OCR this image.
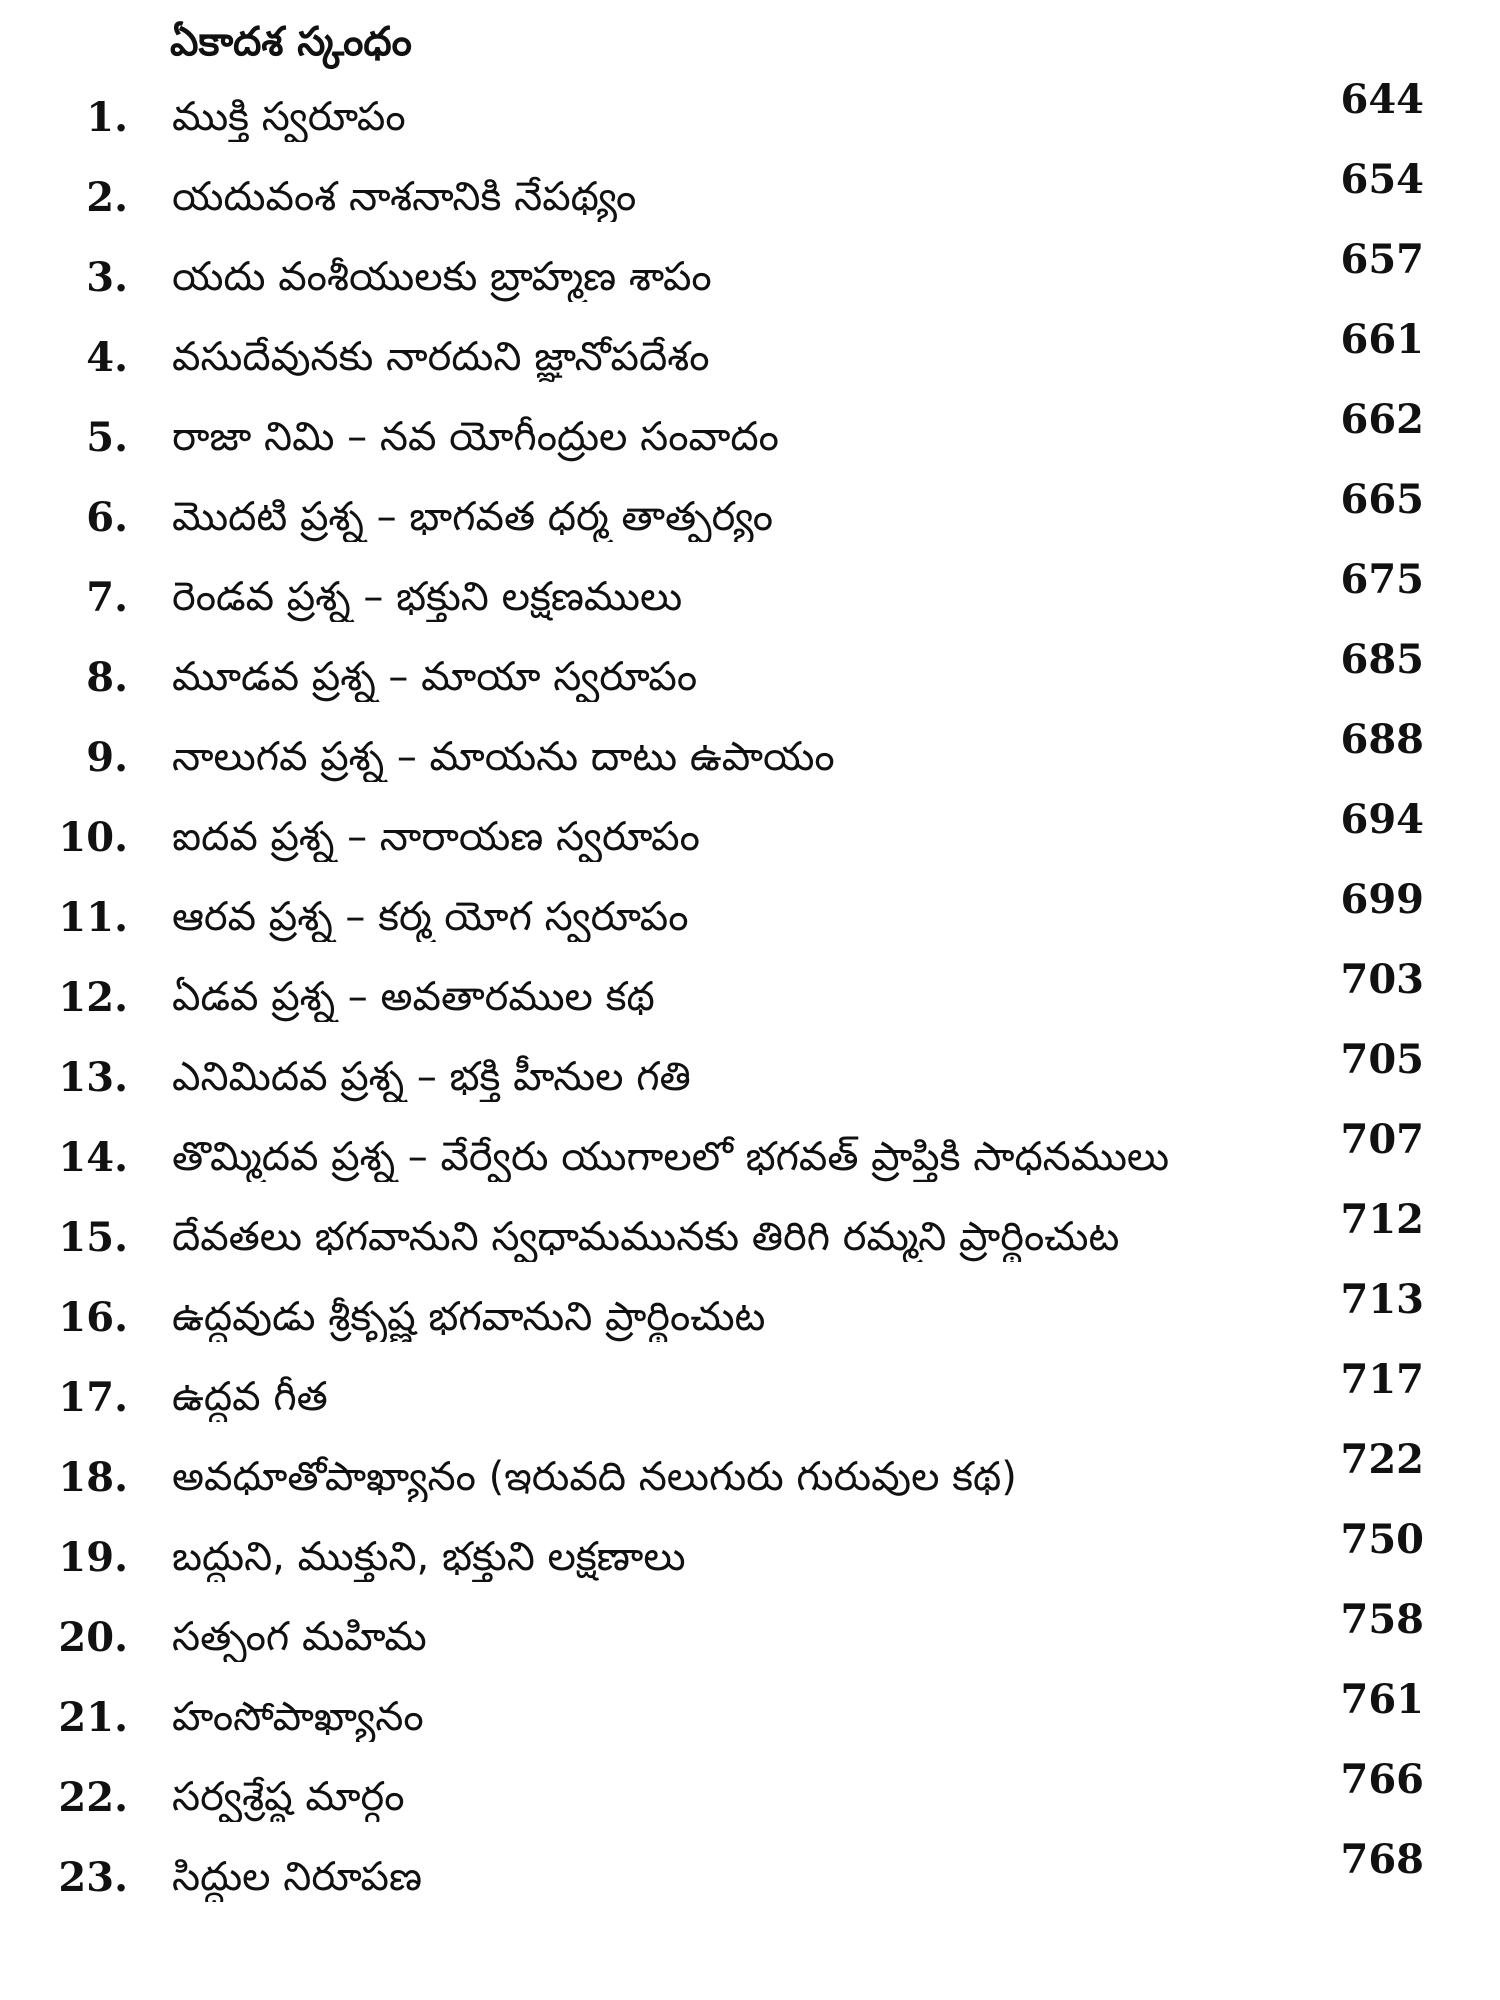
ఏకాదశ స్కంధం
1. ముక్తి స్వరూపం	644
2. యదువంశ నాశనానికి నేపథ్యం	654
3. యదు వంశీయులకు బ్రాహ్మణ శాపం	657
4. వసుదేవునకు నారదుని జ్ఞానోపదేశం	661
5. రాజా నిమి – నవ యోగీంద్రుల సంవాదం	662
6. మొదటి ప్రశ్న – భాగవత ధర్మ తాత్పర్యం	665
7. రెండవ ప్రశ్న – భక్తుని లక్షణములు	675
8. మూడవ ప్రశ్న – మాయా స్వరూపం	685
9. నాలుగవ ప్రశ్న – మాయను దాటు ఉపాయం	688
10. ఐదవ ప్రశ్న – నారాయణ స్వరూపం	694
11. ఆరవ ప్రశ్న – కర్మ యోగ స్వరూపం	699
12. ఏడవ ప్రశ్న – అవతారముల కథ	703
13. ఎనిమిదవ ప్రశ్న – భక్తి హీనుల గతి	705
14. తొమ్మిదవ ప్రశ్న – వేర్వేరు యుగాలలో భగవత్ ప్రాప్తికి సాధనములు	707
15. దేవతలు భగవానుని స్వధామమునకు తిరిగి రమ్మని ప్రార్థించుట	712
16. ఉద్ధవుడు శ్రీకృష్ణ భగవానుని ప్రార్థించుట	713
17. ఉద్ధవ గీత	717
18. అవధూతోపాఖ్యానం (ఇరువది నలుగురు గురువుల కథ)	722
19. బద్ధుని, ముక్తుని, భక్తుని లక్షణాలు	750
20. సత్సంగ మహిమ	758
21. హంసోపాఖ్యానం	761
22. సర్వశ్రేష్ఠ మార్గం	766
23. సిద్ధుల నిరూపణ	768
